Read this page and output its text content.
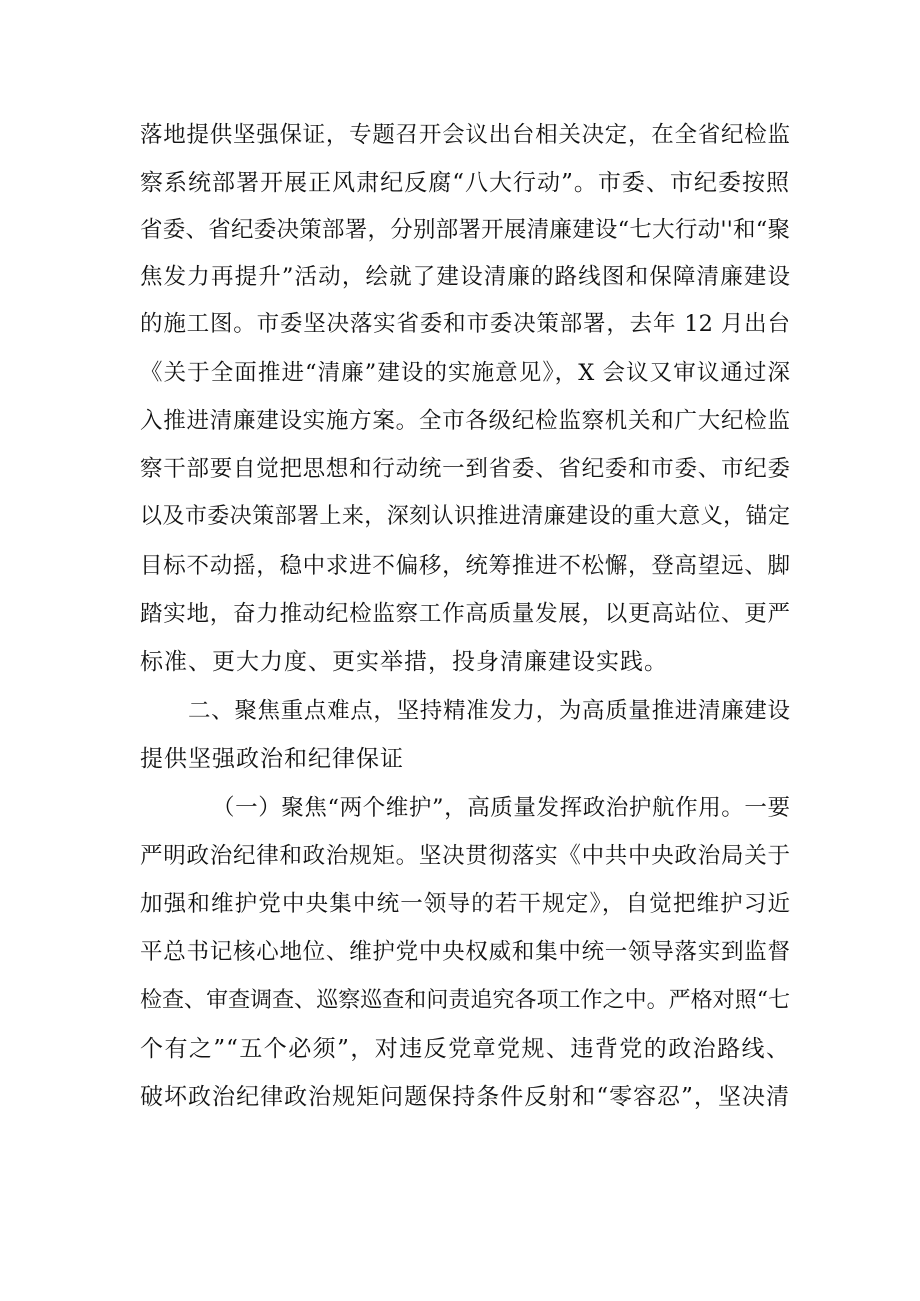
落地提供坚强保证，专题召开会议出台相关决定，在全省纪检监
察系统部署开展正风肃纪反腐“八大行动”。市委、市纪委按照
省委、省纪委决策部署，分别部署开展清廉建设“七大行动''和“聚
焦发力再提升”活动，绘就了建设清廉的路线图和保障清廉建设
的施工图。市委坚决落实省委和市委决策部署，去年 12 月出台
《关于全面推进“清廉”建设的实施意见》，X 会议又审议通过深
入推进清廉建设实施方案。全市各级纪检监察机关和广大纪检监
察干部要自觉把思想和行动统一到省委、省纪委和市委、市纪委
以及市委决策部署上来，深刻认识推进清廉建设的重大意义，锚定
目标不动摇，稳中求进不偏移，统筹推进不松懈，登高望远、脚
踏实地，奋力推动纪检监察工作高质量发展，以更高站位、更严
标准、更大力度、更实举措，投身清廉建设实践。
二、聚焦重点难点，坚持精准发力，为高质量推进清廉建设
提供坚强政治和纪律保证
（一）聚焦“两个维护”，高质量发挥政治护航作用。一要
严明政治纪律和政治规矩。坚决贯彻落实《中共中央政治局关于
加强和维护党中央集中统一领导的若干规定》，自觉把维护习近
平总书记核心地位、维护党中央权威和集中统一领导落实到监督
检查、审查调查、巡察巡查和问责追究各项工作之中。严格对照“七
个有之”“五个必须”，对违反党章党规、违背党的政治路线、
破坏政治纪律政治规矩问题保持条件反射和“零容忍”，坚决清
